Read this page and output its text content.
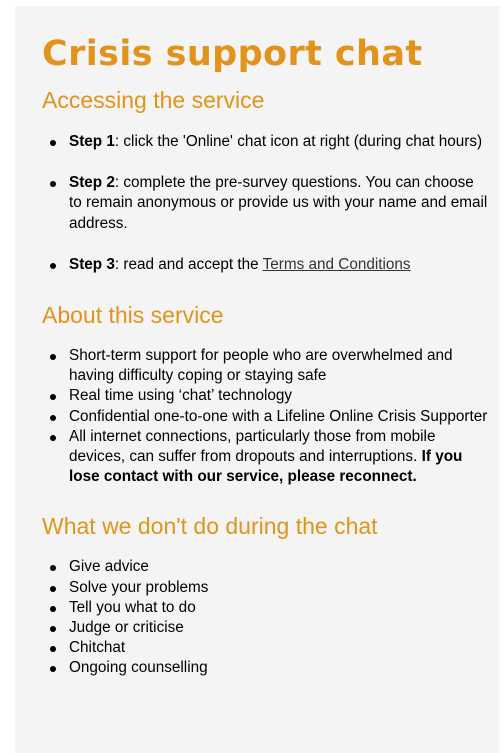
Crisis support chat
Accessing the service
Step 1: click the 'Online' chat icon at right (during chat hours)
Step 2: complete the pre-survey questions. You can choose to remain anonymous or provide us with your name and email address.
Step 3: read and accept the Terms and Conditions
About this service
Short-term support for people who are overwhelmed and having difficulty coping or staying safe
Real time using ‘chat’ technology
Confidential one-to-one with a Lifeline Online Crisis Supporter
All internet connections, particularly those from mobile devices, can suffer from dropouts and interruptions. If you lose contact with our service, please reconnect.
What we don't do during the chat
Give advice
Solve your problems
Tell you what to do
Judge or criticise
Chitchat
Ongoing counselling
